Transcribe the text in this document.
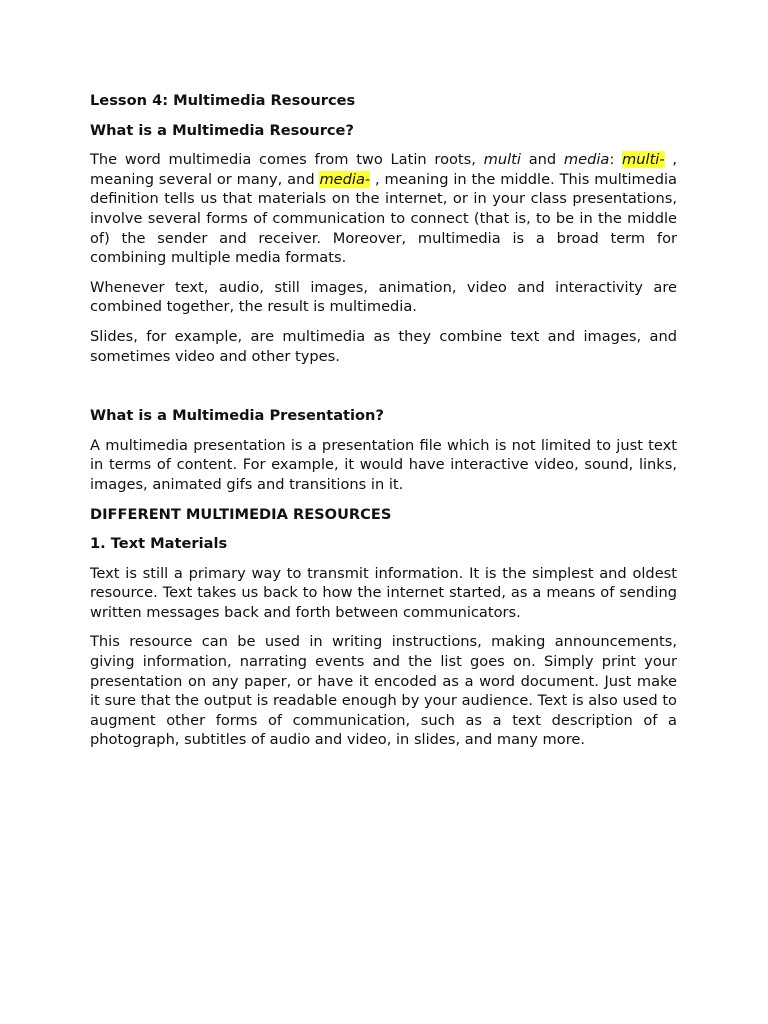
Lesson 4: Multimedia Resources

What is a Multimedia Resource?

The word multimedia comes from two Latin roots, multi and media: multi- , meaning several or many, and media- , meaning in the middle. This multimedia definition tells us that materials on the internet, or in your class presentations, involve several forms of communication to connect (that is, to be in the middle of) the sender and receiver. Moreover, multimedia is a broad term for combining multiple media formats.

Whenever text, audio, still images, animation, video and interactivity are combined together, the result is multimedia.

Slides, for example, are multimedia as they combine text and images, and sometimes video and other types.

What is a Multimedia Presentation?

A multimedia presentation is a presentation file which is not limited to just text in terms of content. For example, it would have interactive video, sound, links, images, animated gifs and transitions in it.

DIFFERENT MULTIMEDIA RESOURCES

1. Text Materials

Text is still a primary way to transmit information. It is the simplest and oldest resource. Text takes us back to how the internet started, as a means of sending written messages back and forth between communicators.

This resource can be used in writing instructions, making announcements, giving information, narrating events and the list goes on. Simply print your presentation on any paper, or have it encoded as a word document. Just make it sure that the output is readable enough by your audience. Text is also used to augment other forms of communication, such as a text description of a photograph, subtitles of audio and video, in slides, and many more.
